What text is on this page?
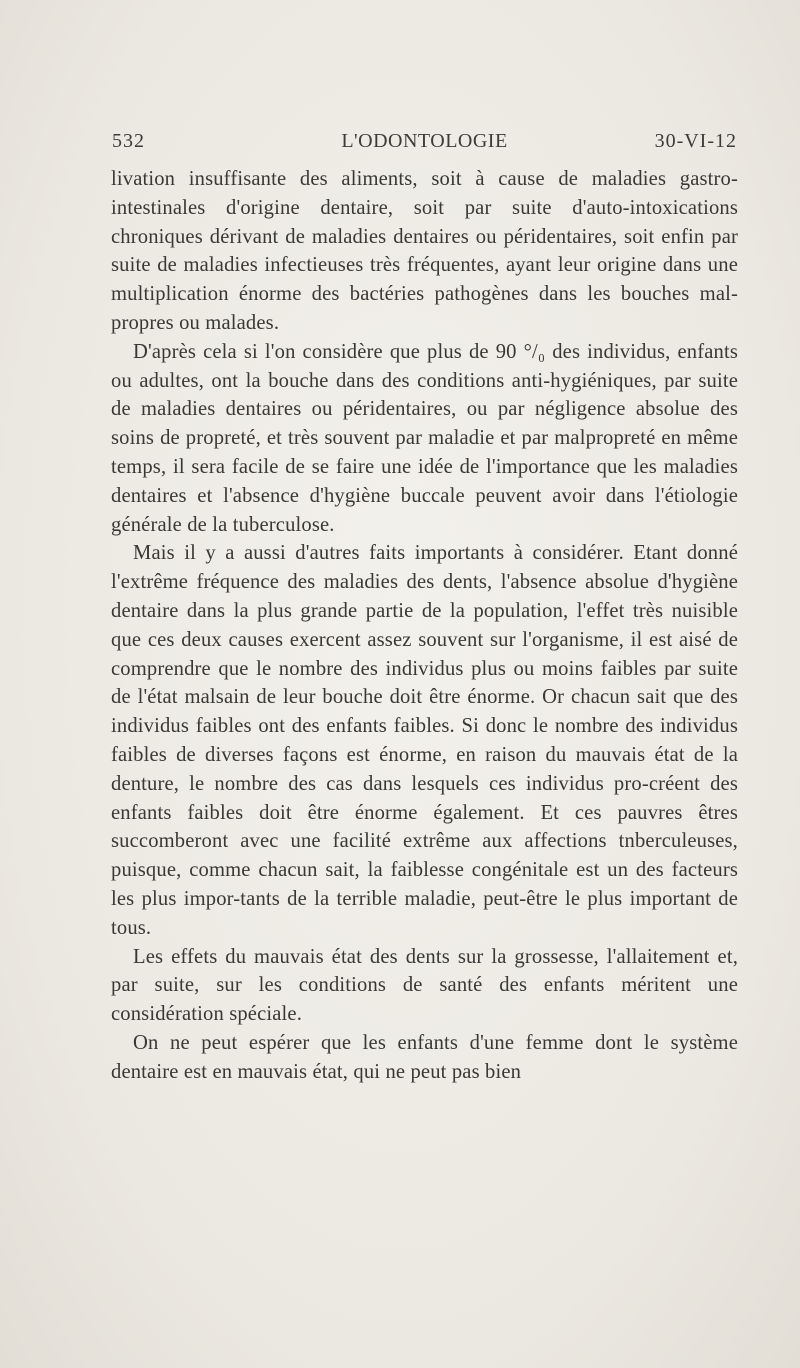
532	L'ODONTOLOGIE	30-VI-12

livation insuffisante des aliments, soit à cause de maladies gastro-intestinales d'origine dentaire, soit par suite d'auto-intoxications chroniques dérivant de maladies dentaires ou péridentaires, soit enfin par suite de maladies infectieuses très fréquentes, ayant leur origine dans une multiplication énorme des bactéries pathogènes dans les bouches mal-propres ou malades.

D'après cela si l'on considère que plus de 90 °/₀ des individus, enfants ou adultes, ont la bouche dans des conditions anti-hygiéniques, par suite de maladies dentaires ou péridentaires, ou par négligence absolue des soins de propreté, et très souvent par maladie et par malpropreté en même temps, il sera facile de se faire une idée de l'importance que les maladies dentaires et l'absence d'hygiène buccale peuvent avoir dans l'étiologie générale de la tuberculose.

Mais il y a aussi d'autres faits importants à considérer. Etant donné l'extrême fréquence des maladies des dents, l'absence absolue d'hygiène dentaire dans la plus grande partie de la population, l'effet très nuisible que ces deux causes exercent assez souvent sur l'organisme, il est aisé de comprendre que le nombre des individus plus ou moins faibles par suite de l'état malsain de leur bouche doit être énorme. Or chacun sait que des individus faibles ont des enfants faibles. Si donc le nombre des individus faibles de diverses façons est énorme, en raison du mauvais état de la denture, le nombre des cas dans lesquels ces individus pro-créent des enfants faibles doit être énorme également. Et ces pauvres êtres succomberont avec une facilité extrême aux affections tnberculeuses, puisque, comme chacun sait, la faiblesse congénitale est un des facteurs les plus impor-tants de la terrible maladie, peut-être le plus important de tous.

Les effets du mauvais état des dents sur la grossesse, l'allaitement et, par suite, sur les conditions de santé des enfants méritent une considération spéciale.

On ne peut espérer que les enfants d'une femme dont le système dentaire est en mauvais état, qui ne peut pas bien
